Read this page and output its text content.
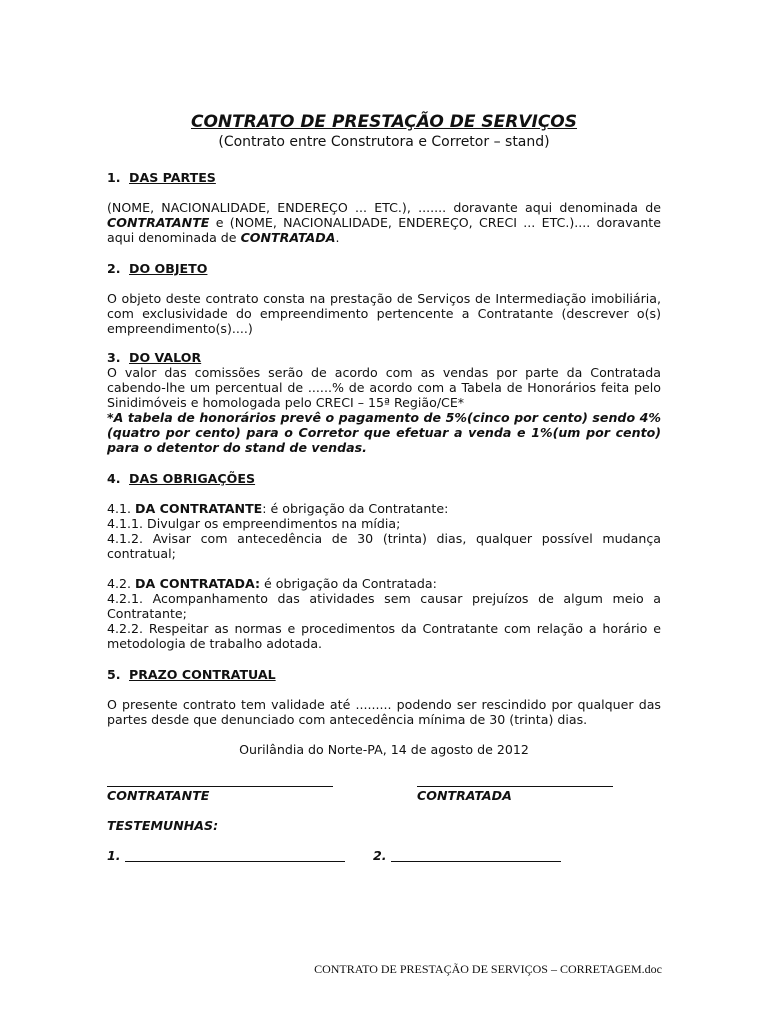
CONTRATO DE PRESTAÇÃO DE SERVIÇOS

(Contrato entre Construtora e Corretor – stand)

1. DAS PARTES

(NOME, NACIONALIDADE, ENDEREÇO ... ETC.), ....... doravante aqui denominada de

CONTRATANTE e (NOME, NACIONALIDADE, ENDEREÇO, CRECI ... ETC.).... doravante

aqui denominada de CONTRATADA.

2. DO OBJETO

O objeto deste contrato consta na prestação de Serviços de Intermediação imobiliária, com exclusividade do empreendimento pertencente a Contratante (descrever o(s) empreendimento(s)....)

3. DO VALOR

O valor das comissões serão de acordo com as vendas por parte da Contratada cabendo-lhe um percentual de ......% de acordo com a Tabela de Honorários feita pelo Sinidimóveis e homologada pelo CRECI – 15ª Região/CE*

*A tabela de honorários prevê o pagamento de 5%(cinco por cento) sendo 4% (quatro por cento) para o Corretor que efetuar a venda e 1%(um por cento) para o detentor do stand de vendas.

4. DAS OBRIGAÇÕES

4.1. DA CONTRATANTE: é obrigação da Contratante:

4.1.1. Divulgar os empreendimentos na mídia;

4.1.2. Avisar com antecedência de 30 (trinta) dias, qualquer possível mudança contratual;

4.2. DA CONTRATADA: é obrigação da Contratada:

4.2.1. Acompanhamento das atividades sem causar prejuízos de algum meio a Contratante;

4.2.2. Respeitar as normas e procedimentos da Contratante com relação a horário e metodologia de trabalho adotada.

5. PRAZO CONTRATUAL

O presente contrato tem validade até ......... podendo ser rescindido por qualquer das partes desde que denunciado com antecedência mínima de 30 (trinta) dias.

Ourilândia do Norte-PA, 14 de agosto de 2012

CONTRATANTE	CONTRATADA

TESTEMUNHAS:

1.	2.

CONTRATO DE PRESTAÇÃO DE SERVIÇOS – CORRETAGEM.doc
